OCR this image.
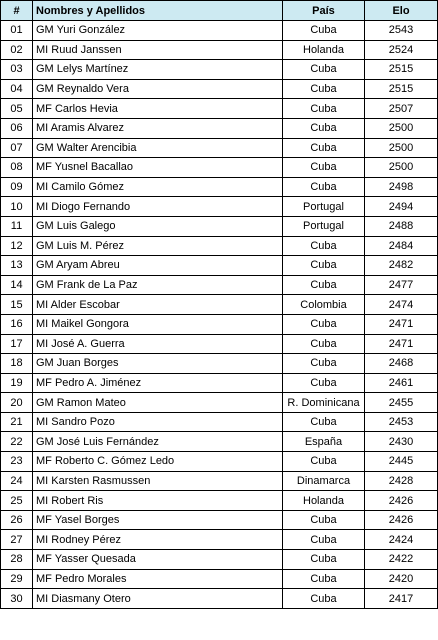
#	Nombres y Apellidos	País	Elo
01	GM Yuri González	Cuba	2543
02	MI Ruud Janssen	Holanda	2524
03	GM Lelys Martínez	Cuba	2515
04	GM Reynaldo Vera	Cuba	2515
05	MF Carlos Hevia	Cuba	2507
06	MI Aramis Alvarez	Cuba	2500
07	GM Walter Arencibia	Cuba	2500
08	MF Yusnel Bacallao	Cuba	2500
09	MI Camilo Gómez	Cuba	2498
10	MI Diogo Fernando	Portugal	2494
11	GM Luis Galego	Portugal	2488
12	GM Luis M. Pérez	Cuba	2484
13	GM Aryam Abreu	Cuba	2482
14	GM Frank de La Paz	Cuba	2477
15	MI Alder Escobar	Colombia	2474
16	MI Maikel Gongora	Cuba	2471
17	MI José A. Guerra	Cuba	2471
18	GM Juan Borges	Cuba	2468
19	MF Pedro A. Jiménez	Cuba	2461
20	GM Ramon Mateo	R. Dominicana	2455
21	MI Sandro Pozo	Cuba	2453
22	GM José Luis Fernández	España	2430
23	MF Roberto C. Gómez Ledo	Cuba	2445
24	MI Karsten Rasmussen	Dinamarca	2428
25	MI Robert Ris	Holanda	2426
26	MF Yasel Borges	Cuba	2426
27	MI Rodney Pérez	Cuba	2424
28	MF Yasser Quesada	Cuba	2422
29	MF Pedro Morales	Cuba	2420
30	MI Diasmany Otero	Cuba	2417
